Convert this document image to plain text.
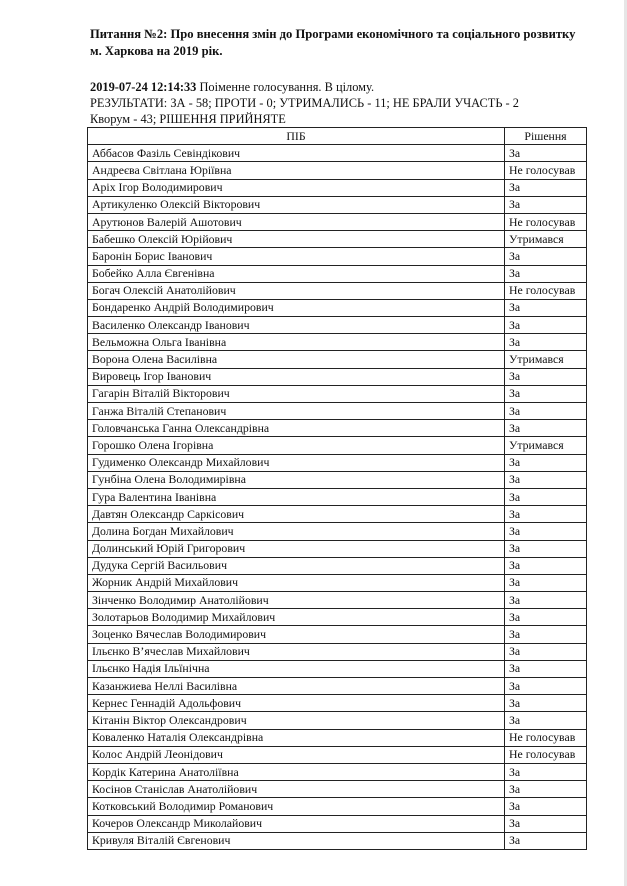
Питання №2: Про внесення змін до Програми економічного та соціального розвитку
м. Харкова на 2019 рік.
2019-07-24 12:14:33 Поіменне голосування. В цілому.
РЕЗУЛЬТАТИ: ЗА - 58; ПРОТИ - 0; УТРИМАЛИСЬ - 11; НЕ БРАЛИ УЧАСТЬ - 2
Кворум - 43; РІШЕННЯ ПРИЙНЯТЕ
ПІБ	Рішення
Аббасов Фазіль Севіндікович	За
Андреєва Світлана Юріївна	Не голосував
Аріх Ігор Володимирович	За
Артикуленко Олексій Вікторович	За
Арутюнов Валерій Ашотович	Не голосував
Бабешко Олексій Юрійович	Утримався
Баронін Борис Іванович	За
Бобейко Алла Євгенівна	За
Богач Олексій Анатолійович	Не голосував
Бондаренко Андрій Володимирович	За
Василенко Олександр Іванович	За
Вельможна Ольга Іванівна	За
Ворона Олена Василівна	Утримався
Вировець Ігор Іванович	За
Гагарін Віталій Вікторович	За
Ганжа Віталій Степанович	За
Головчанська Ганна Олександрівна	За
Горошко Олена Ігорівна	Утримався
Гудименко Олександр Михайлович	За
Гунбіна Олена Володимирівна	За
Гура Валентина Іванівна	За
Давтян Олександр Саркісович	За
Долина Богдан Михайлович	За
Долинський Юрій Григорович	За
Дудука Сергій Васильович	За
Жорник Андрій Михайлович	За
Зінченко Володимир Анатолійович	За
Золотарьов Володимир Михайлович	За
Зоценко Вячеслав Володимирович	За
Ільєнко В’ячеслав Михайлович	За
Ільєнко Надія Ільїнічна	За
Казанжиева Неллі Василівна	За
Кернес Геннадій Адольфович	За
Кітанін Віктор Олександрович	За
Коваленко Наталія Олександрівна	Не голосував
Колос Андрій Леонідович	Не голосував
Кордік Катерина Анатоліївна	За
Косінов Станіслав Анатолійович	За
Котковський Володимир Романович	За
Кочеров Олександр Миколайович	За
Кривуля Віталій Євгенович	За
